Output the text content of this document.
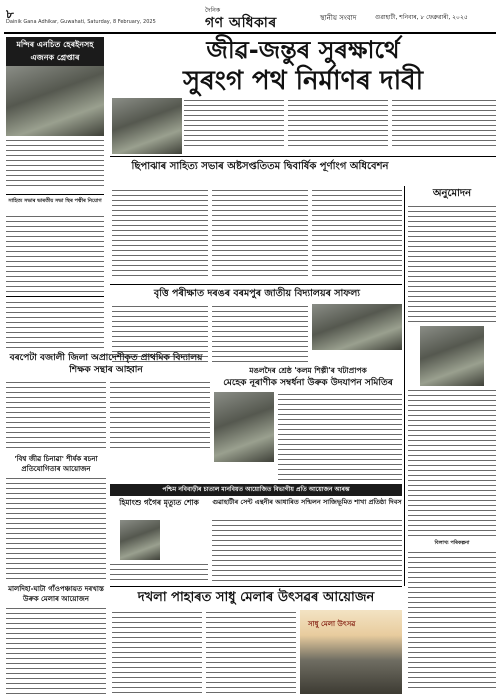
৮
Dainik Gana Adhikar, Guwahati, Saturday, 8 February, 2025
দৈনিক
গণ অধিকাৰ	স্থানীয় সংবাদ	গুৱাহাটী, শনিবাৰ, ৮ ফেব্ৰুৱাৰী, ২০২৫
মন্দিৰ এনচিত হেৰইনসহ এজনক গ্ৰেপ্তাৰ	জীৱ-জন্তুৰ সুৰক্ষাৰ্থে
সুৰংগ পথ নিৰ্মাণৰ দাবী
সাহিত্য সভাৰ ভাৰতীয় সভা স্থিৰ পত্নীৰ নিয়োগ
ছিপাঝাৰ সাহিত্য সভাৰ অষ্টসপ্ততিতম দ্বিবাৰ্ষিক পূৰ্ণাংগ অধিবেশন
অনুমোদন
বিলাখ্য পৰিকল্পনা
বৃত্তি পৰীক্ষাত দৰঙৰ বৰমপুৰ জাতীয় বিদ্যালয়ৰ সাফল্য
বৰপেটা বজালী জিলা অপ্ৰাদেশীকৃত প্ৰাথমিক বিদ্যালয় শিক্ষক সন্থাৰ আহ্বান	মঙলদৈৰ শ্ৰেষ্ঠ 'কলম শিল্পী'ৰ খটাপ্ৰাপক
মেহেক নূৰাণীক সম্বৰ্ধনা উৰুক উদযাপন সমিতিৰ
পশ্চিম নবিবাড়ীৰ চাতাল মানবিয়ত আয়োজিত বিভাগীয় প্ৰতি আয়োজন আৰম্ভ
গুৱাহাটীৰ সেন্ট এন্থনীৰ আধাৰিত সন্মিলন সাজিভূমিত শাখা প্ৰতিষ্ঠা দিবস
হিমাংশু গগৈৰ মৃত্যুত শোক
'বিশ্ব জীৱ চিনাৱা' শীৰ্ষক ৰচনা প্ৰতিযোগিতাৰ আয়োজন
মালদিহা-ঘাটা গাঁওপঞ্চায়ত দৰখাস্ত উৰুক মেলাৰ আয়োজন	দখলা পাহাৰত সাধু মেলাৰ উৎসৱৰ আয়োজন
সাধু মেলা উৎসৱ
